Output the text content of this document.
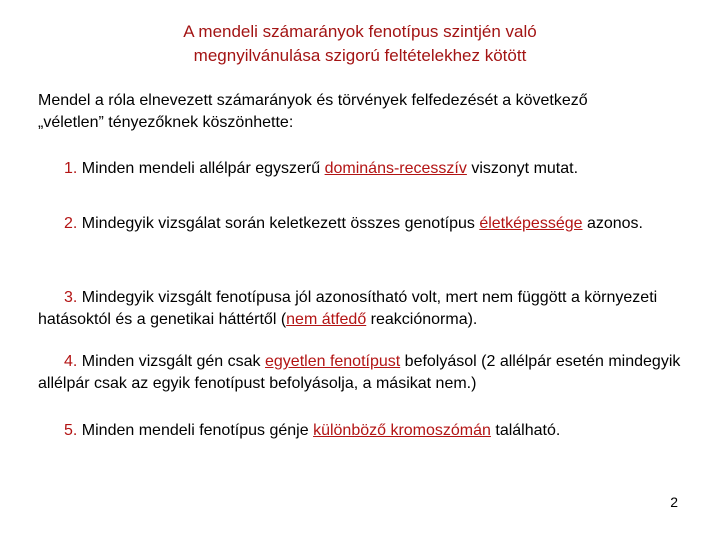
A mendeli számarányok fenotípus szintjén való
megnyilvánulása szigorú feltételekhez kötött
Mendel a róla elnevezett számarányok és törvények felfedezését a következő
„véletlen” tényezőknek köszönhette:
1. Minden mendeli allélpár egyszerű domináns-recesszív viszonyt mutat.
2. Mindegyik vizsgálat során keletkezett összes genotípus életképessége azonos.
3. Mindegyik vizsgált fenotípusa jól azonosítható volt, mert nem függött a környezeti hatásoktól és a genetikai háttértől (nem átfedő reakciónorma).
4. Minden vizsgált gén csak egyetlen fenotípust befolyásol (2 allélpár esetén mindegyik allélpár csak az egyik fenotípust befolyásolja, a másikat nem.)
5. Minden mendeli fenotípus génje különböző kromoszómán található.
2
